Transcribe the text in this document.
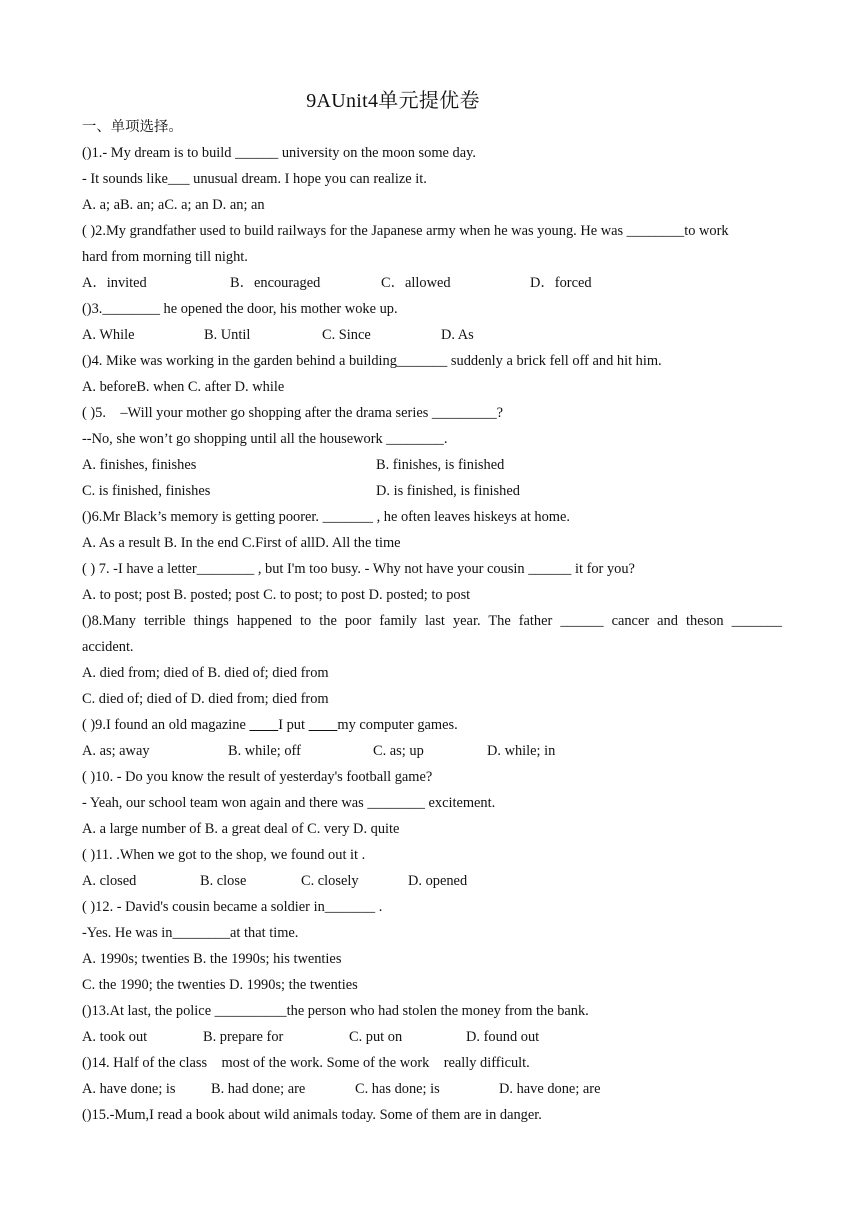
9AUnit4单元提优卷
一、单项选择。
()1.- My dream is to build ______ university on the moon some day.
- It sounds like___ unusual dream. I hope you can realize it.
A. a; aB. an; aC. a; an D. an; an
( )2.My grandfather used to build railways for the Japanese army when he was young. He was ________to work
hard from morning till night.

A．invited

	B．encouraged

	C．allowed

	D．forced

()3.________ he opened the door, his mother woke up.

A. While

	B. Until

	C. Since

	D. As

()4. Mike was working in the garden behind a building_______ suddenly a brick fell off and hit him.
A. beforeB. when C. after D. while
( )5.    –Will your mother go shopping after the drama series _________?
--No, she won’t go shopping until all the housework ________.

A. finishes, finishes

	B. finishes, is finished

C. is finished, finishes

	D. is finished, is finished

()6.Mr Black’s memory is getting poorer. _______ , he often leaves hiskeys at home.
A. As a result B. In the end C.First of allD. All the time
( ) 7. -I have a letter________ , but I'm too busy. - Why not have your cousin ______ it for you?
A. to post; post B. posted; post C. to post; to post D. posted; to post
()8.Many terrible things happened to the poor family last year. The father ______ cancer and theson _______
accident.
A. died from; died of B. died of; died from
C. died of; died of D. died from; died from
( )9.I found an old magazine         I put         my computer games.

A. as; away

	B. while; off

	C. as; up

	D. while; in

( )10. - Do you know the result of yesterday's football game?
- Yeah, our school team won again and there was ________ excitement.
A. a large number of B. a great deal of C. very D. quite
( )11. .When we got to the shop, we found out it .

A. closed

	B. close

	C. closely

	D. opened

( )12. - David's cousin became a soldier in_______ .
-Yes. He was in________at that time.
A. 1990s; twenties B. the 1990s; his twenties
C. the 1990; the twenties D. 1990s; the twenties
()13.At last, the police __________the person who had stolen the money from the bank.

A. took out

	B. prepare for

	C. put on

	D. found out

()14. Half of the class    most of the work. Some of the work    really difficult.

A. have done; is

B. had done; are

	C. has done; is

	D. have done; are

()15.-Mum,I read a book about wild animals today. Some of them are in danger.
